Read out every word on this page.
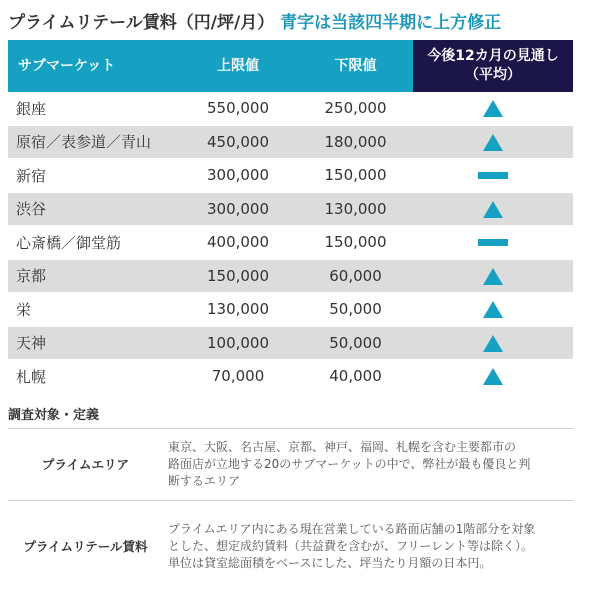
プライムリテール賃料（円/坪/月） 青字は当該四半期に上方修正
サブマーケット	上限値	下限値	今後12カ月の見通し
（平均）
銀座	550,000	250,000	
原宿／表参道／青山	450,000	180,000	
新宿	300,000	150,000	
渋谷	300,000	130,000	
心斎橋／御堂筋	400,000	150,000	
京都	150,000	60,000	
栄	130,000	50,000	
天神	100,000	50,000	
札幌	70,000	40,000	
調査対象・定義
プライムエリア
東京、大阪、名古屋、京都、神戸、福岡、札幌を含む主要都市の
路面店が立地する20のサブマーケットの中で、弊社が最も優良と判
断するエリア
プライムリテール賃料
プライムエリア内にある現在営業している路面店舗の1階部分を対象
とした、想定成約賃料（共益費を含むが、フリーレント等は除く）。
単位は貸室総面積をベースにした、坪当たり月額の日本円。
